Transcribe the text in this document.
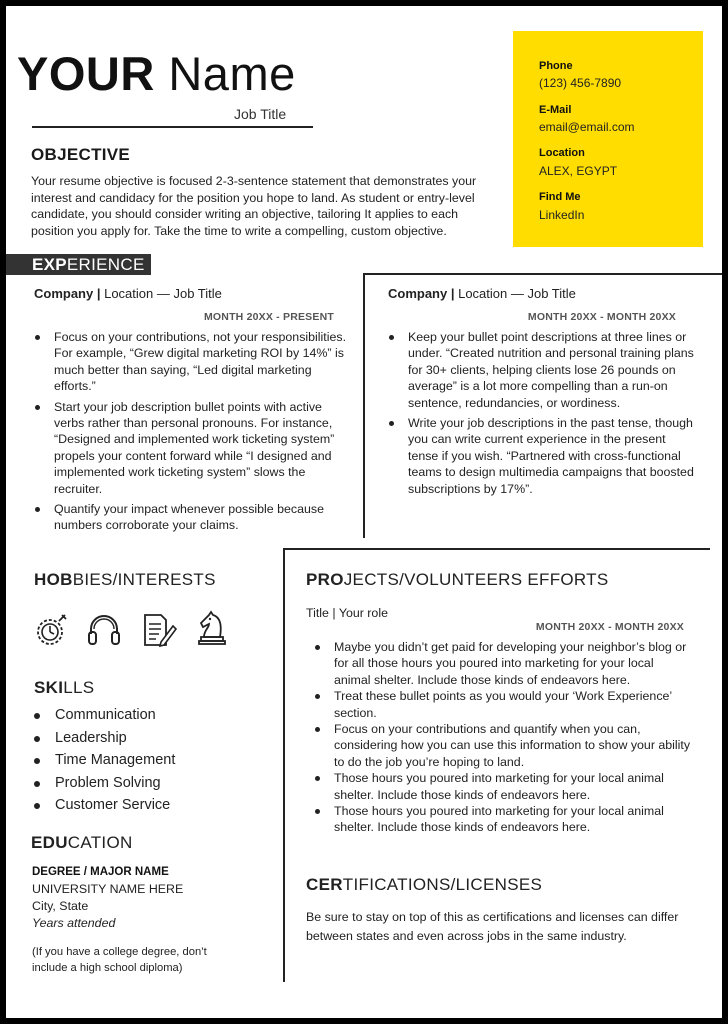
YOUR Name
Job Title
OBJECTIVE
Your resume objective is focused 2-3-sentence statement that demonstrates your interest and candidacy for the position you hope to land. As student or entry-level candidate, you should consider writing an objective, tailoring It applies to each position you apply for. Take the time to write a compelling, custom objective.
Phone
(123) 456-7890
E-Mail
email@email.com
Location
ALEX, EGYPT
Find Me
LinkedIn
EXPERIENCE
Company | Location — Job Title
MONTH 20XX - PRESENT
Focus on your contributions, not your responsibilities. For example, “Grew digital marketing ROI by 14%” is much better than saying, “Led digital marketing efforts.”
Start your job description bullet points with active verbs rather than personal pronouns. For instance, “Designed and implemented work ticketing system” propels your content forward while “I designed and implemented work ticketing system” slows the recruiter.
Quantify your impact whenever possible because numbers corroborate your claims.
Company | Location — Job Title
MONTH 20XX - MONTH 20XX
Keep your bullet point descriptions at three lines or under. “Created nutrition and personal training plans for 30+ clients, helping clients lose 26 pounds on average” is a lot more compelling than a run-on sentence, redundancies, or wordiness.
Write your job descriptions in the past tense, though you can write current experience in the present tense if you wish. “Partnered with cross-functional teams to design multimedia campaigns that boosted subscriptions by 17%”.
HOBBIES/INTERESTS
SKILLS
Communication
Leadership
Time Management
Problem Solving
Customer Service
EDUCATION
DEGREE / MAJOR NAME
UNIVERSITY NAME HERE
City, State
Years attended
(If you have a college degree, don’t include a high school diploma)
PROJECTS/VOLUNTEERS EFFORTS
Title | Your role
MONTH 20XX - MONTH 20XX
Maybe you didn’t get paid for developing your neighbor’s blog or for all those hours you poured into marketing for your local animal shelter. Include those kinds of endeavors here.
Treat these bullet points as you would your ‘Work Experience’ section.
Focus on your contributions and quantify when you can, considering how you can use this information to show your ability to do the job you’re hoping to land.
Those hours you poured into marketing for your local animal shelter. Include those kinds of endeavors here.
Those hours you poured into marketing for your local animal shelter. Include those kinds of endeavors here.
CERTIFICATIONS/LICENSES
Be sure to stay on top of this as certifications and licenses can differ between states and even across jobs in the same industry.
